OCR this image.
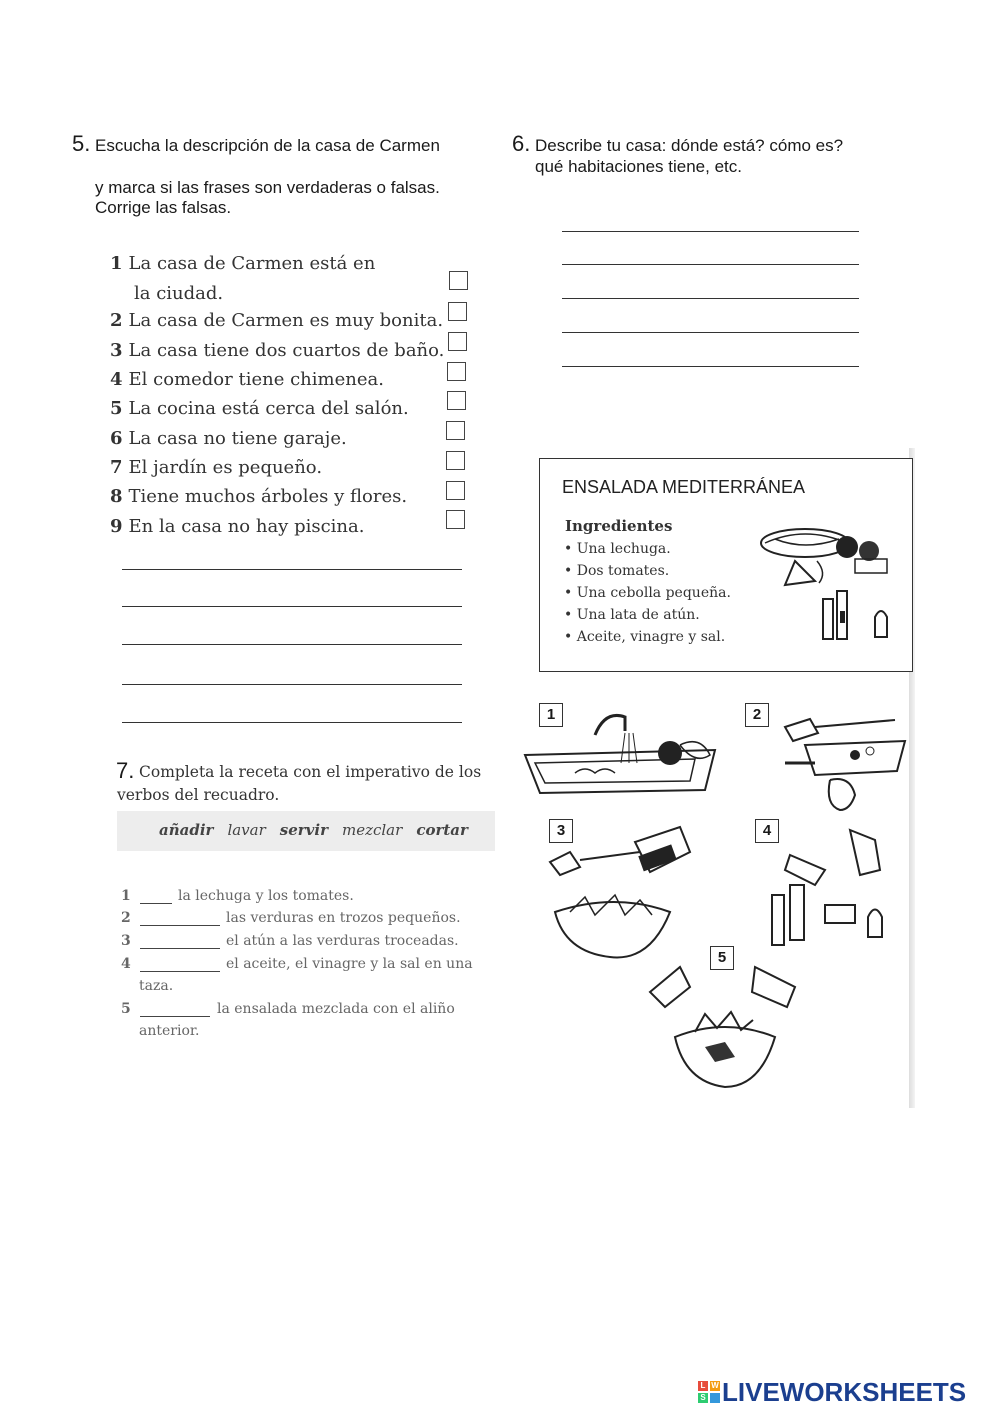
5. Escucha la descripción de la casa de Carmen
y marca si las frases son verdaderas o falsas.
Corrige las falsas.
1 La casa de Carmen está en
la ciudad.
2 La casa de Carmen es muy bonita.
3 La casa tiene dos cuartos de baño.
4 El comedor tiene chimenea.
5 La cocina está cerca del salón.
6 La casa no tiene garaje.
7 El jardín es pequeño.
8 Tiene muchos árboles y flores.
9 En la casa no hay piscina.
6. Describe tu casa: dónde está? cómo es?
qué habitaciones tiene, etc.
ENSALADA MEDITERRÁNEA
Ingredientes
• Una lechuga.
• Dos tomates.
• Una cebolla pequeña.
• Una lata de atún.
• Aceite, vinagre y sal.
1	2
3	4
5
7. Completa la receta con el imperativo de los
verbos del recuadro.
añadir lavar servir mezclar cortar
1	la lechuga y los tomates.
2	las verduras en trozos pequeños.
3	el atún a las verduras troceadas.
4	el aceite, el vinagre y la sal en una
taza.
5	la ensalada mezclada con el aliño
anterior.
L W
S LIVEWORKSHEETS
